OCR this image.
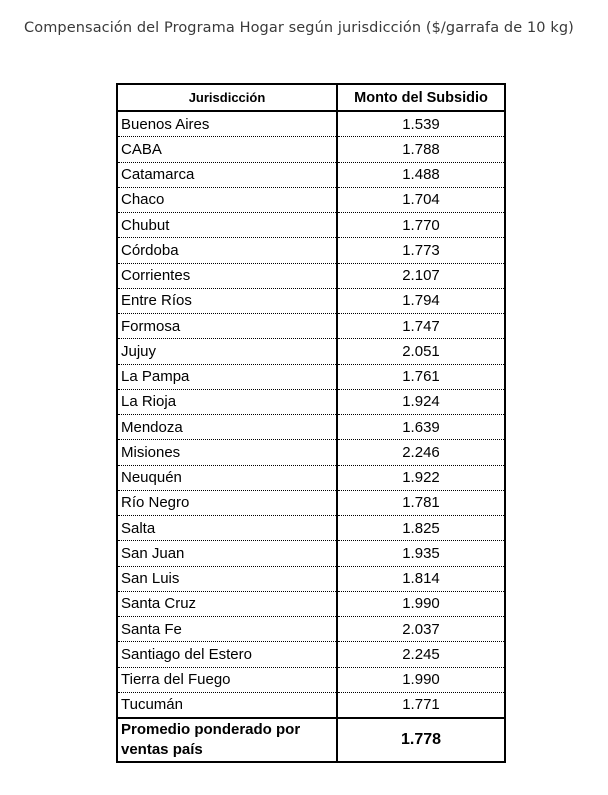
Compensación del Programa Hogar según jurisdicción ($/garrafa de 10 kg)
Jurisdicción	Monto del Subsidio
Buenos Aires	1.539
CABA	1.788
Catamarca	1.488
Chaco	1.704
Chubut	1.770
Córdoba	1.773
Corrientes	2.107
Entre Ríos	1.794
Formosa	1.747
Jujuy	2.051
La Pampa	1.761
La Rioja	1.924
Mendoza	1.639
Misiones	2.246
Neuquén	1.922
Río Negro	1.781
Salta	1.825
San Juan	1.935
San Luis	1.814
Santa Cruz	1.990
Santa Fe	2.037
Santiago del Estero	2.245
Tierra del Fuego	1.990
Tucumán	1.771
Promedio ponderado por ventas país	1.778
